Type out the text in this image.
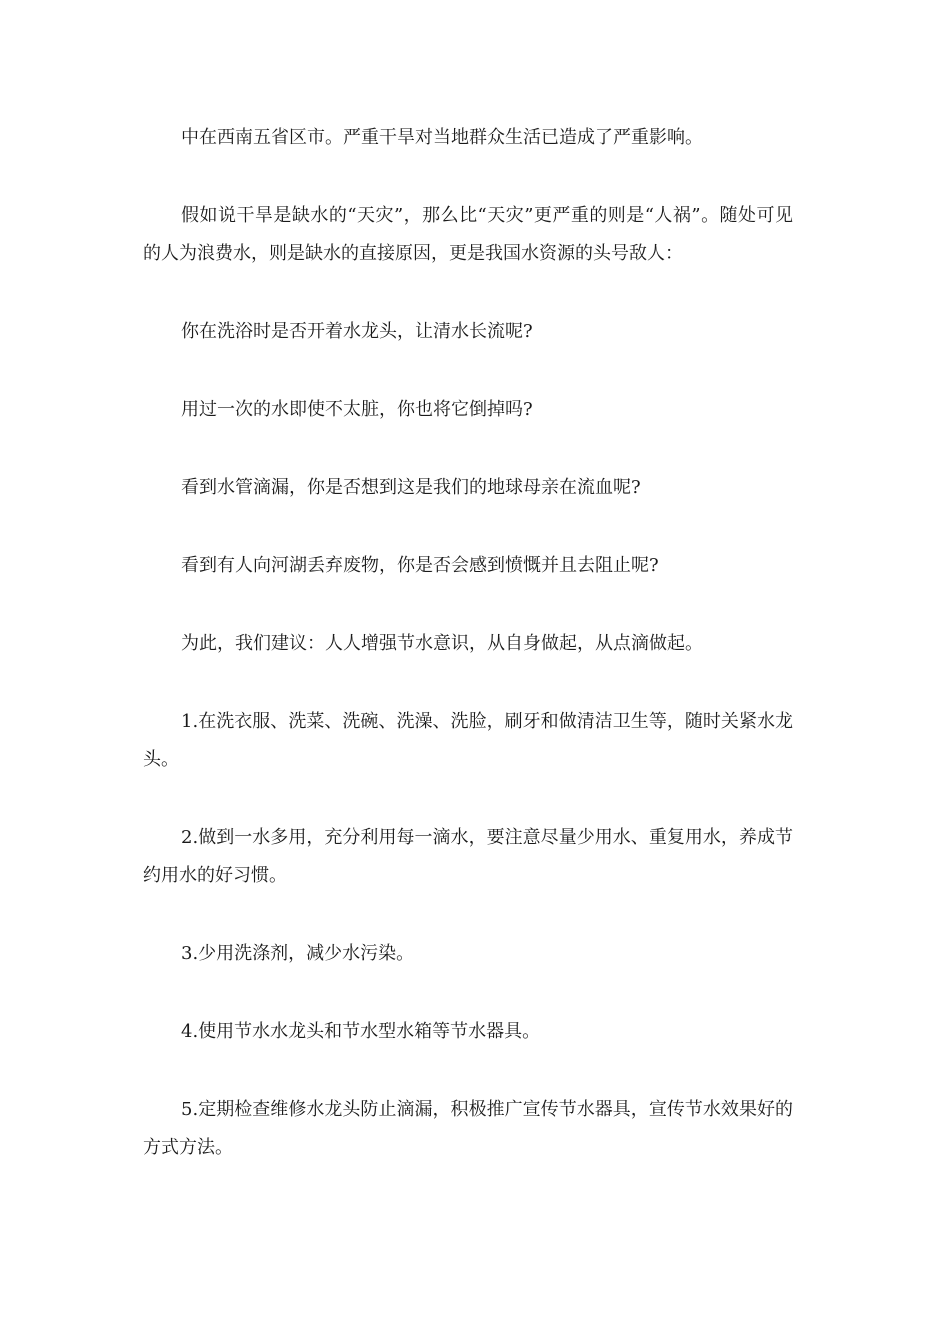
中在西南五省区市。严重干旱对当地群众生活已造成了严重影响。

假如说干旱是缺水的“天灾”，那么比“天灾”更严重的则是“人祸”。随处可见的人为浪费水，则是缺水的直接原因，更是我国水资源的头号敌人：

你在洗浴时是否开着水龙头，让清水长流呢?

用过一次的水即使不太脏，你也将它倒掉吗?

看到水管滴漏，你是否想到这是我们的地球母亲在流血呢?

看到有人向河湖丢弃废物，你是否会感到愤慨并且去阻止呢?

为此，我们建议：人人增强节水意识，从自身做起，从点滴做起。

1.在洗衣服、洗菜、洗碗、洗澡、洗脸，刷牙和做清洁卫生等，随时关紧水龙头。

2.做到一水多用，充分利用每一滴水，要注意尽量少用水、重复用水，养成节约用水的好习惯。

3.少用洗涤剂，减少水污染。

4.使用节水水龙头和节水型水箱等节水器具。

5.定期检查维修水龙头防止滴漏，积极推广宣传节水器具，宣传节水效果好的方式方法。
